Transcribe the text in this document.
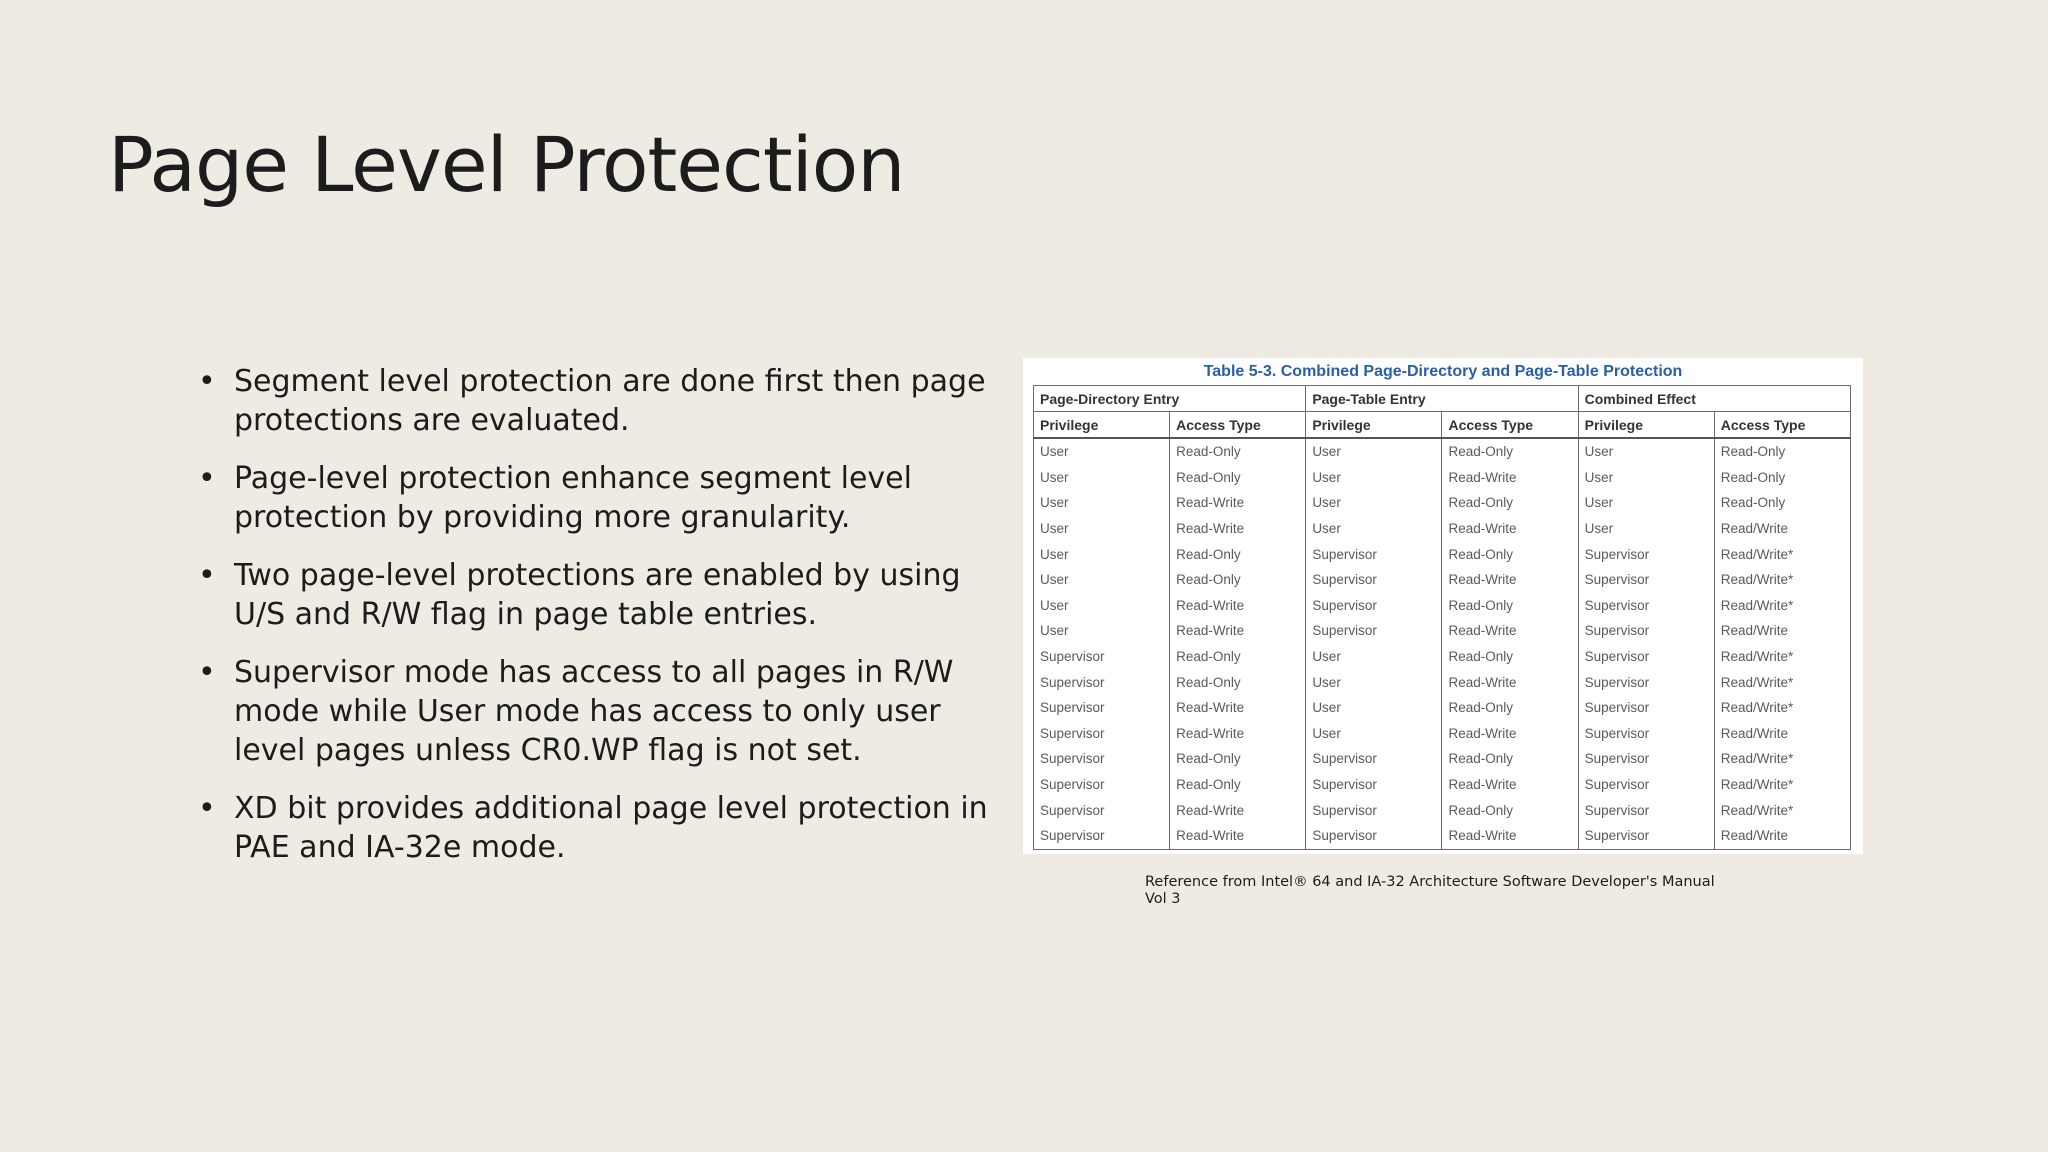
Page Level Protection
• Segment level protection are done first then page protections are evaluated.
• Page-level protection enhance segment level protection by providing more granularity.
• Two page-level protections are enabled by using U/S and R/W flag in page table entries.
• Supervisor mode has access to all pages in R/W mode while User mode has access to only user level pages unless CR0.WP flag is not set.
• XD bit provides additional page level protection in PAE and IA-32e mode.
Table 5-3. Combined Page-Directory and Page-Table Protection
Page-Directory Entry		Page-Table Entry		Combined Effect	
Privilege	Access Type	Privilege	Access Type	Privilege	Access Type
User	Read-Only	User	Read-Only	User	Read-Only
User	Read-Only	User	Read-Write	User	Read-Only
User	Read-Write	User	Read-Only	User	Read-Only
User	Read-Write	User	Read-Write	User	Read/Write
User	Read-Only	Supervisor	Read-Only	Supervisor	Read/Write*
User	Read-Only	Supervisor	Read-Write	Supervisor	Read/Write*
User	Read-Write	Supervisor	Read-Only	Supervisor	Read/Write*
User	Read-Write	Supervisor	Read-Write	Supervisor	Read/Write
Supervisor	Read-Only	User	Read-Only	Supervisor	Read/Write*
Supervisor	Read-Only	User	Read-Write	Supervisor	Read/Write*
Supervisor	Read-Write	User	Read-Only	Supervisor	Read/Write*
Supervisor	Read-Write	User	Read-Write	Supervisor	Read/Write
Supervisor	Read-Only	Supervisor	Read-Only	Supervisor	Read/Write*
Supervisor	Read-Only	Supervisor	Read-Write	Supervisor	Read/Write*
Supervisor	Read-Write	Supervisor	Read-Only	Supervisor	Read/Write*
Supervisor	Read-Write	Supervisor	Read-Write	Supervisor	Read/Write
Reference from Intel® 64 and IA-32 Architecture Software Developer's Manual
Vol 3
